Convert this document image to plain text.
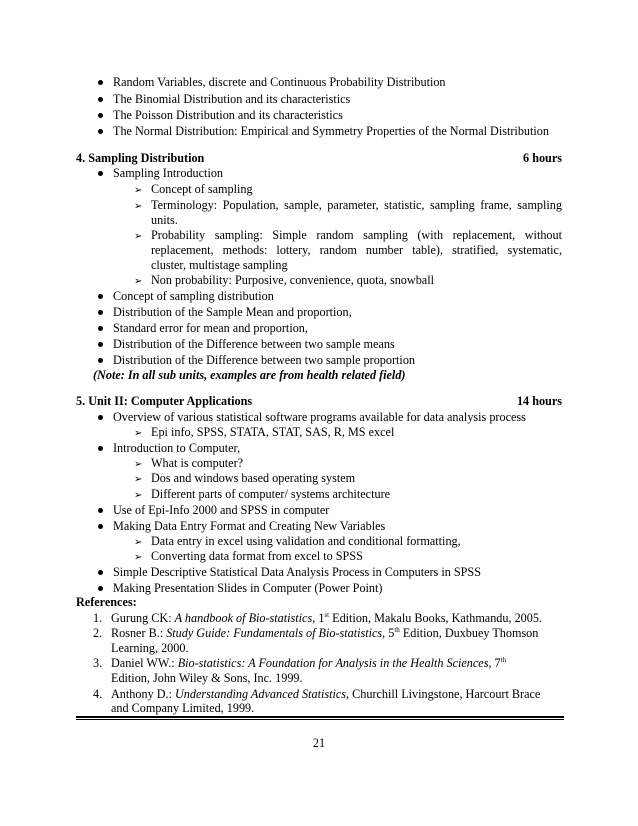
Random Variables, discrete and Continuous Probability Distribution
The Binomial Distribution and its characteristics
The Poisson Distribution and its characteristics
The Normal Distribution: Empirical and Symmetry Properties of the Normal Distribution
4. Sampling Distribution	6 hours
Sampling Introduction
➢ Concept of sampling
➢ Terminology: Population, sample, parameter, statistic, sampling frame, sampling
units.
➢ Probability sampling: Simple random sampling (with replacement, without
replacement, methods: lottery, random number table), stratified, systematic,
cluster, multistage sampling
➢ Non probability: Purposive, convenience, quota, snowball
Concept of sampling distribution
Distribution of the Sample Mean and proportion,
Standard error for mean and proportion,
Distribution of the Difference between two sample means
Distribution of the Difference between two sample proportion
(Note: In all sub units, examples are from health related field)
5. Unit II: Computer Applications	14 hours
Overview of various statistical software programs available for data analysis process
➢ Epi info, SPSS, STATA, STAT, SAS, R, MS excel
Introduction to Computer,
➢ What is computer?
➢ Dos and windows based operating system
➢ Different parts of computer/ systems architecture
Use of Epi-Info 2000 and SPSS in computer
Making Data Entry Format and Creating New Variables
➢ Data entry in excel using validation and conditional formatting,
➢ Converting data format from excel to SPSS
Simple Descriptive Statistical Data Analysis Process in Computers in SPSS
Making Presentation Slides in Computer (Power Point)
References:
1. Gurung CK: A handbook of Bio-statistics, 1st Edition, Makalu Books, Kathmandu, 2005.
2. Rosner B.: Study Guide: Fundamentals of Bio-statistics, 5th Edition, Duxbuey Thomson
Learning, 2000.
3. Daniel WW.: Bio-statistics: A Foundation for Analysis in the Health Sciences, 7th
Edition, John Wiley & Sons, Inc. 1999.
21
4. Anthony D.: Understanding Advanced Statistics, Churchill Livingstone, Harcourt Brace
and Company Limited, 1999.
